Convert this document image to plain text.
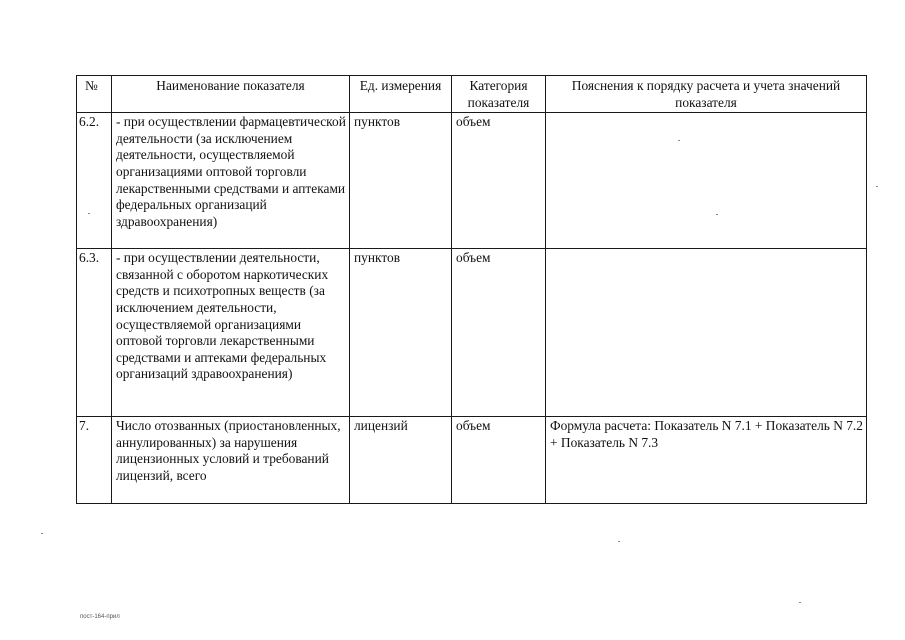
№	Наименование показателя	Ед. измерения	Категория показателя	Пояснения к порядку расчета и учета значений показателя
6.2.	- при осуществлении фармацевтической деятельности (за исключением деятельности, осуществляемой организациями оптовой торговли лекарственными средствами и аптеками федеральных организаций здравоохранения)	пунктов	объем	
6.3.	- при осуществлении деятельности, связанной с оборотом наркотических средств и психотропных веществ (за исключением деятельности, осуществляемой организациями оптовой торговли лекарственными средствами и аптеками федеральных организаций здравоохранения)	пунктов	объем	
7.	Число отозванных (приостановленных, аннулированных) за нарушения лицензионных условий и требований лицензий, всего	лицензий	объем	Формула расчета: Показатель N 7.1 + Показатель N 7.2 + Показатель N 7.3
пост-164-прил
